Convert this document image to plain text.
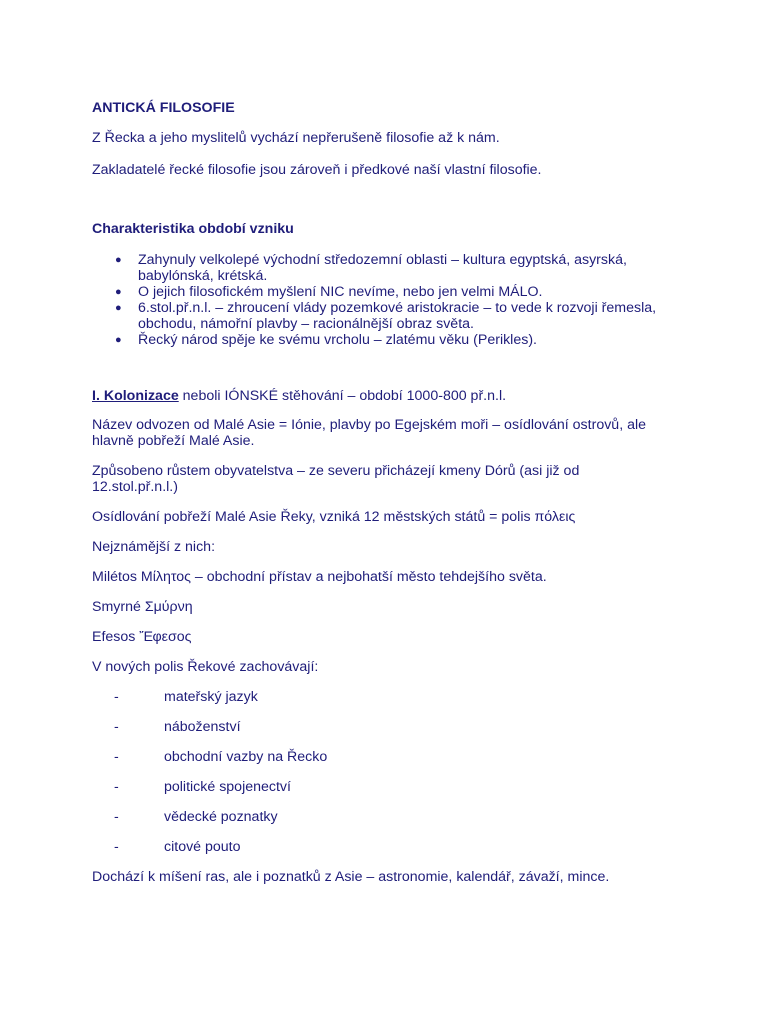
ANTICKÁ FILOSOFIE

Z Řecka a jeho myslitelů vychází nepřerušeně filosofie až k nám.

Zakladatelé řecké filosofie jsou zároveň i předkové naší vlastní filosofie.

Charakteristika období vzniku

● Zahynuly velkolepé východní středozemní oblasti – kultura egyptská, asyrská, babylónská, krétská.
● O jejich filosofickém myšlení NIC nevíme, nebo jen velmi MÁLO.
● 6.stol.př.n.l. – zhroucení vlády pozemkové aristokracie – to vede k rozvoji řemesla, obchodu, námořní plavby – racionálnější obraz světa.
● Řecký národ spěje ke svému vrcholu – zlatému věku (Perikles).

I. Kolonizace neboli IÓNSKÉ stěhování – období 1000-800 př.n.l.

Název odvozen od Malé Asie = Iónie, plavby po Egejském moři – osídlování ostrovů, ale

hlavně pobřeží Malé Asie.

Způsobeno růstem obyvatelstva – ze severu přicházejí kmeny Dórů (asi již od

12.stol.př.n.l.)

Osídlování pobřeží Malé Asie Řeky, vzniká 12 městských států = polis πόλεις

Nejznámější z nich:

Milétos Μίλητος – obchodní přístav a nejbohatší město tehdejšího světa.

Smyrné Σμύρνη

Efesos Ἔφεσος

V nových polis Řekové zachovávají:

-	mateřský jazyk
-	náboženství
-	obchodní vazby na Řecko
-	politické spojenectví
-	vědecké poznatky
-	citové pouto

Dochází k míšení ras, ale i poznatků z Asie – astronomie, kalendář, závaží, mince.
